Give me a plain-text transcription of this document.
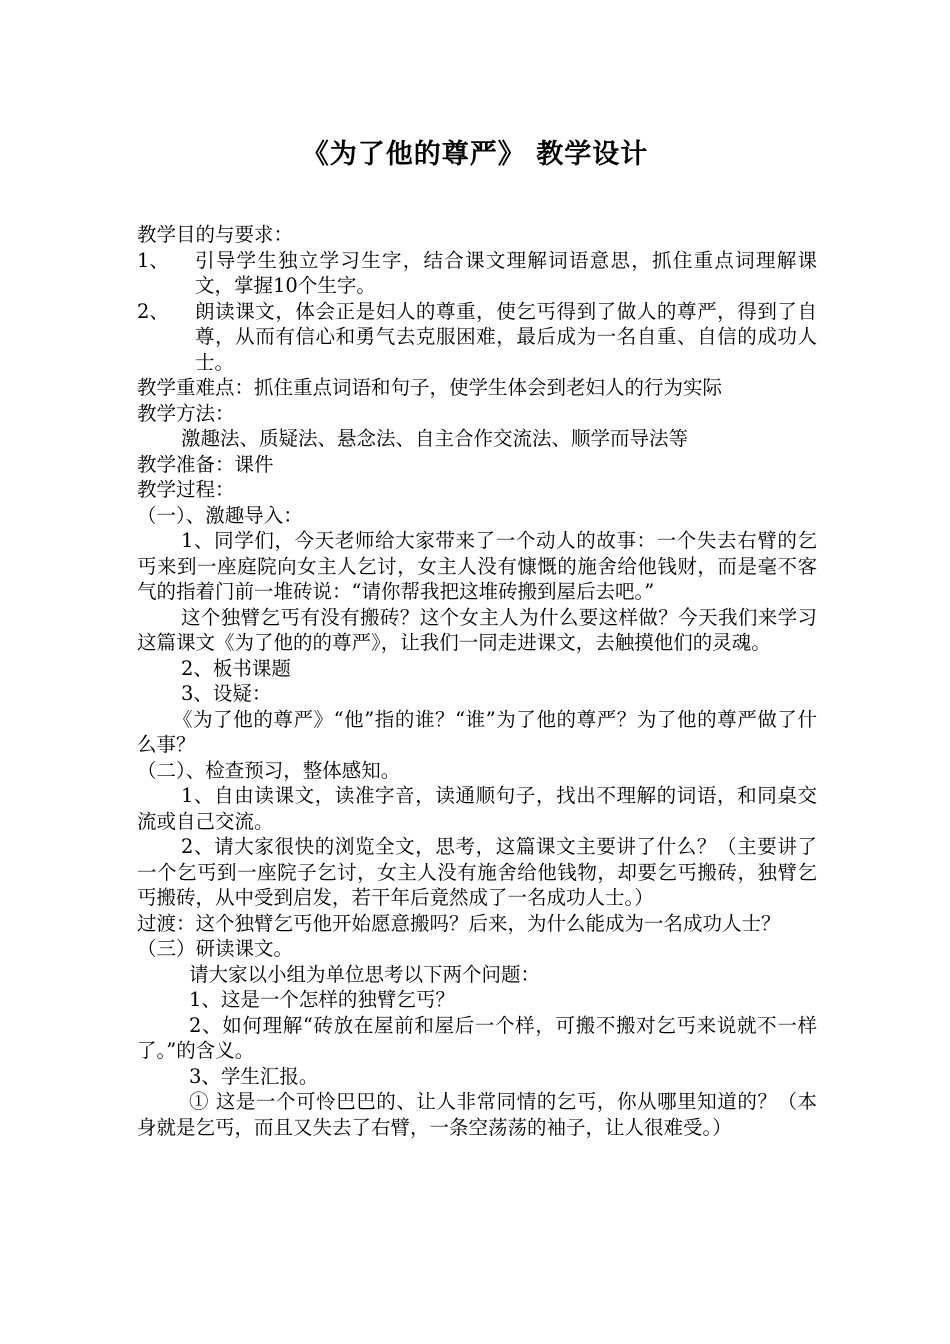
《为了他的尊严》 教学设计

教学目的与要求：

1、 引导学生独立学习生字，结合课文理解词语意思，抓住重点词理解课文，掌握10个生字。
2、 朗读课文，体会正是妇人的尊重，使乞丐得到了做人的尊严，得到了自尊，从而有信心和勇气去克服困难，最后成为一名自重、自信的成功人士。

教学重难点：抓住重点词语和句子，使学生体会到老妇人的行为实际

教学方法：

激趣法、质疑法、悬念法、自主合作交流法、顺学而导法等

教学准备：课件

教学过程：

（一）、激趣导入：

1、同学们，今天老师给大家带来了一个动人的故事：一个失去右臂的乞丐来到一座庭院向女主人乞讨，女主人没有慷慨的施舍给他钱财，而是毫不客气的指着门前一堆砖说：“请你帮我把这堆砖搬到屋后去吧。”

这个独臂乞丐有没有搬砖？这个女主人为什么要这样做？今天我们来学习这篇课文《为了他的的尊严》，让我们一同走进课文，去触摸他们的灵魂。

2、板书课题

3、设疑：

《为了他的尊严》“他”指的谁？“谁”为了他的尊严？为了他的尊严做了什么事？

（二）、检查预习，整体感知。

1、自由读课文，读准字音，读通顺句子，找出不理解的词语，和同桌交流或自己交流。

2、请大家很快的浏览全文，思考，这篇课文主要讲了什么？（主要讲了一个乞丐到一座院子乞讨，女主人没有施舍给他钱物，却要乞丐搬砖，独臂乞丐搬砖，从中受到启发，若干年后竟然成了一名成功人士。）

过渡：这个独臂乞丐他开始愿意搬吗？后来，为什么能成为一名成功人士？

（三）研读课文。

请大家以小组为单位思考以下两个问题：

1、这是一个怎样的独臂乞丐？

2、如何理解“砖放在屋前和屋后一个样，可搬不搬对乞丐来说就不一样了。”的含义。

3、学生汇报。

① 这是一个可怜巴巴的、让人非常同情的乞丐，你从哪里知道的？（本身就是乞丐，而且又失去了右臂，一条空荡荡的袖子，让人很难受。）
